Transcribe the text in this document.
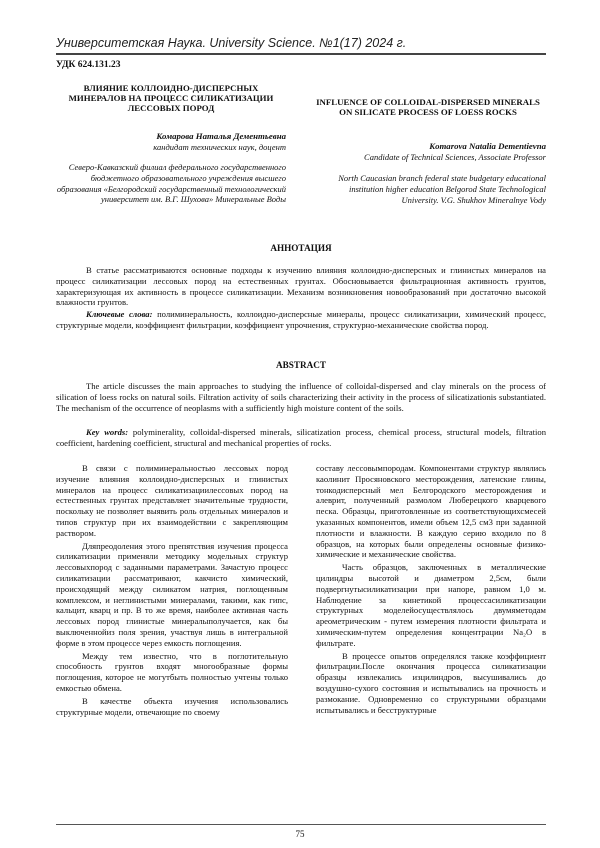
Университетская Наука. University Science. №1(17) 2024 г.
УДК 624.131.23
ВЛИЯНИЕ КОЛЛОИДНО-ДИСПЕРСНЫХ МИНЕРАЛОВ НА ПРОЦЕСС СИЛИКАТИЗАЦИИ ЛЕССОВЫХ ПОРОД
INFLUENCE OF COLLOIDAL-DISPERSED MINERALS ON SILICATE PROCESS OF LOESS ROCKS
Комарова Наталья Дементьевна
кандидат технических наук, доцент	Komarova Natalia Dementievna
Candidate of Technical Sciences, Associate Professor
Северо-Кавказский филиал федерального государственного бюджетного образовательного учреждения высшего образования «Белгородский государственный технологический университет им. В.Г. Шухова» Минеральные Воды
North Caucasian branch federal state budgetary educational institution higher education Belgorod State Technological University. V.G. Shukhov Mineralnye Vody
АННОТАЦИЯ
В статье рассматриваются основные подходы к изучению влияния коллоидно-дисперсных и глинистых минералов на процесс силикатизации лессовых пород на естественных грунтах. Обосновывается фильтрационная активность грунтов, характеризующая их активность в процессе силикатизации. Механизм возникновения новообразований при достаточно высокой влажности грунтов.
Ключевые слова: полиминеральность, коллоидно-дисперсные минералы, процесс силикатизации, химический процесс, структурные модели, коэффициент фильтрации, коэффициент упрочнения, структурно-механические свойства пород.
ABSTRACT
The article discusses the main approaches to studying the influence of colloidal-dispersed and clay minerals on the process of silication of loess rocks on natural soils. Filtration activity of soils characterizing their activity in the process of silicatizationis substantiated. The mechanism of the occurrence of neoplasms with a sufficiently high moisture content of the soils.
Key words: polyminerality, colloidal-dispersed minerals, silicatization process, chemical process, structural models, filtration coefficient, hardening coefficient, structural and mechanical properties of rocks.

В связи с полиминеральностью лессовых пород изучение влияния коллоидно-дисперсных и глинистых минералов на процесс силикатизациилессовых пород на естественных грунтах представляет значительные трудности, поскольку не позволяет выявить роль отдельных минералов и типов структур при их взаимодействии с закрепляющим раствором.

Дляпреодоления этого препятствия изучения процесса силикатизации применяли методику модельных структур лессовыхпород с заданными параметрами. Зачастую процесс силикатизации рассматривают, какчисто химический, происходящий между силикатом натрия, поглощенным комплексом, и неглинистыми минералами, такими, как гипс, кальцит, кварц и пр. В то же время, наиболее активная часть лессовых пород глинистые минералыполучается, как бы выключеннойиз поля зрения, участвуя лишь в интегральной форме в этом процессе через емкость поглощения.

Между тем известно, что в поглотительную способность грунтов входят многообразные формы поглощения, которое не могутбыть полностью учтены только емкостью обмена.

В качестве объекта изучения использовались структурные модели, отвечающие по своему

составу лессовымпородам. Компонентами структур являлись каолинит Просяновского месторождения, латенские глины, тонкодисперсный мел Белгородского месторождения и алеврит, полученный размолом Люберецкого кварцевого песка. Образцы, приготовленные из соответствующихсмесей указанных компонентов, имели объем 12,5 см3 при заданной плотности и влажности. В каждую серию входило по 8 образцов, на которых были определены основные физико-химические и механические свойства.

Часть образцов, заключенных в металлические цилиндры высотой и диаметром 2,5см, были подвергнутысиликатизации при напоре, равном 1,0 м. Наблюдение за кинетикой процессасиликатизации структурных моделейосуществлялось двумяметодам ареометрическим - путем измерения плотности фильтрата и химическим-путем определения концентрации Na₂O в фильтрате.

В процессе опытов определялся также коэффициент фильтрации.После окончания процесса силикатизации образцы извлекались изцилиндров, высушивались до воздушно-сухого состояния и испытывались на прочность и размокание. Одновременно со структурными образцами испытывались и бесструктурные

75
